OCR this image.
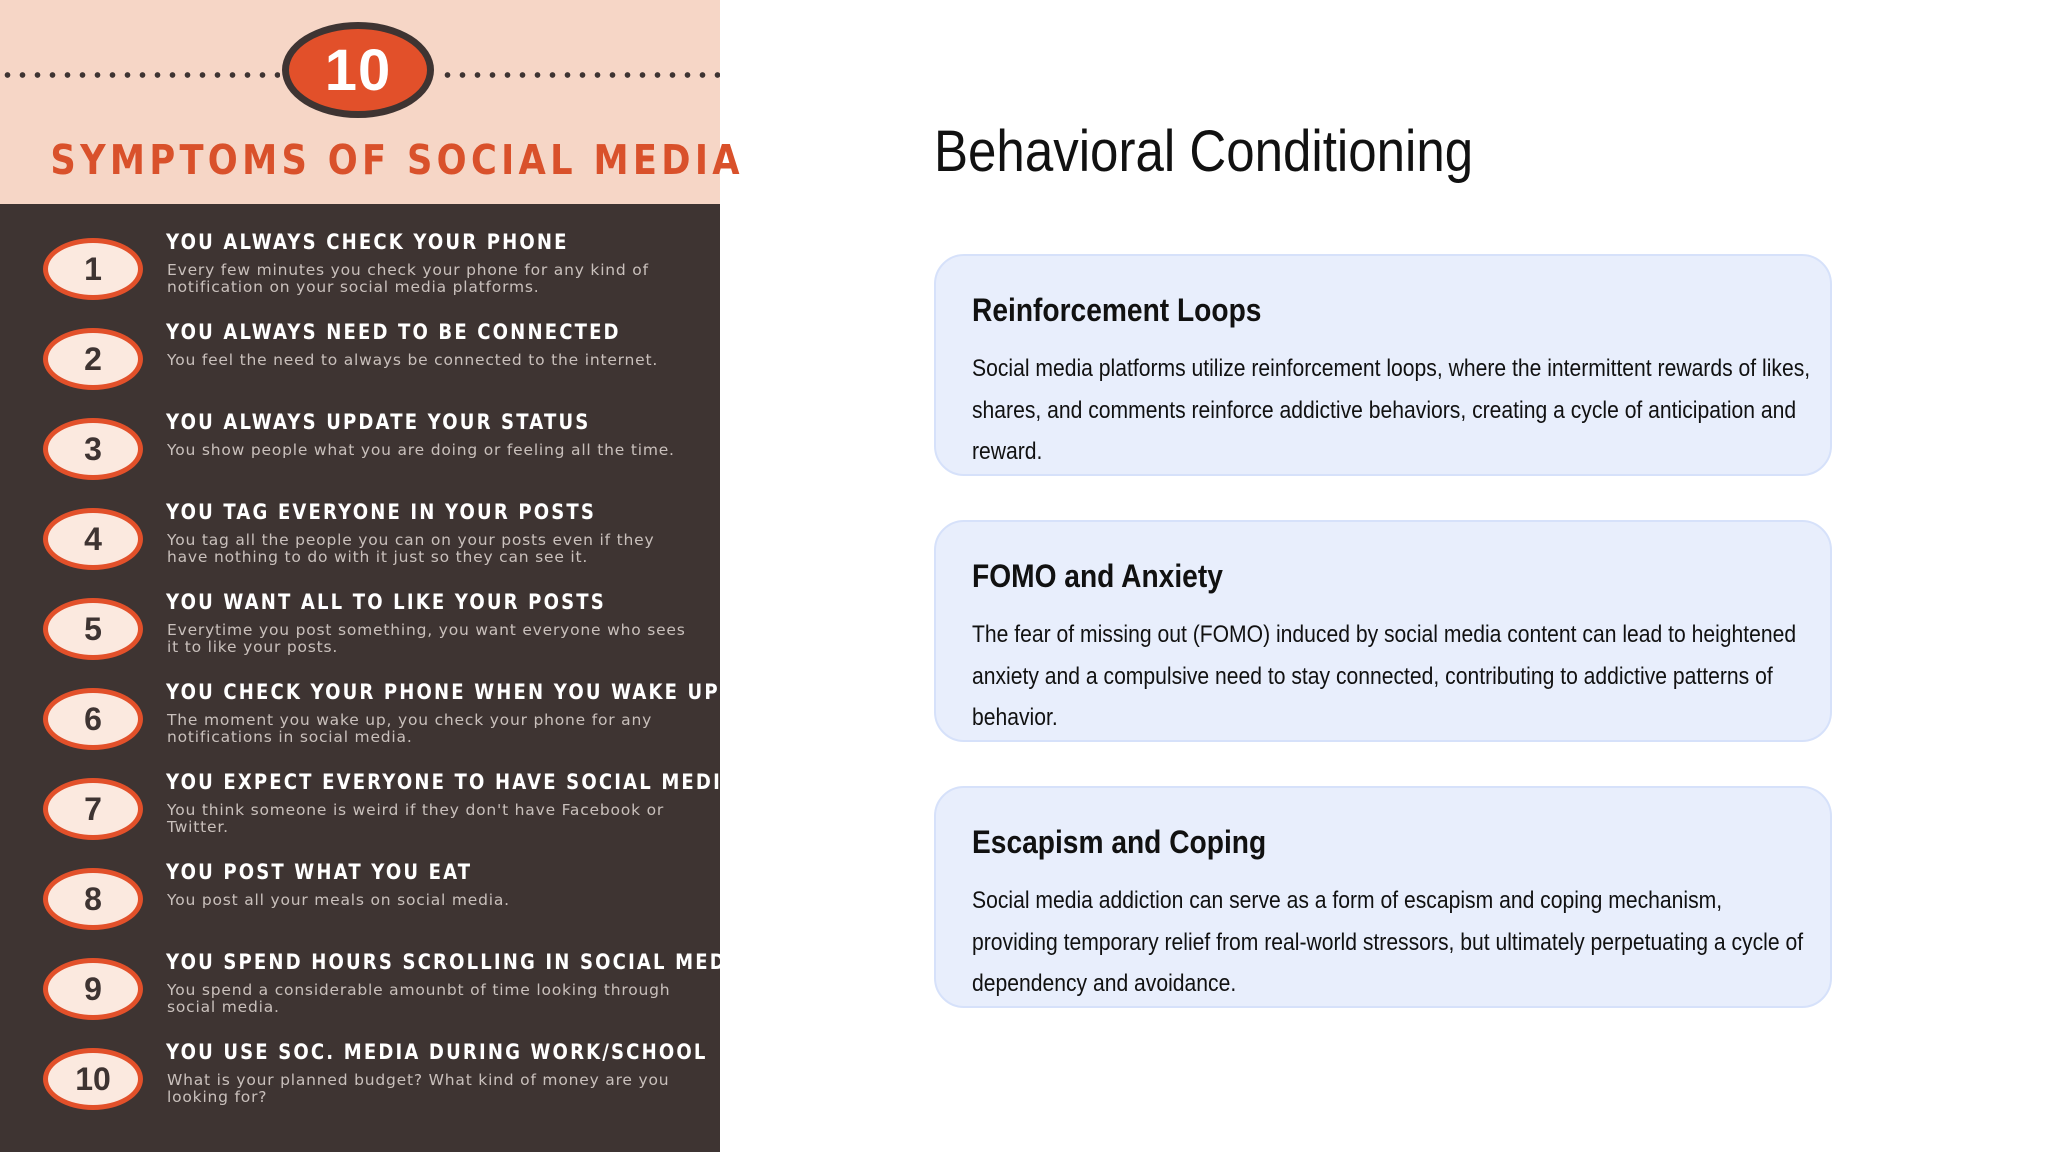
10
SYMPTOMS OF SOCIAL MEDIA
1
YOU ALWAYS CHECK YOUR PHONE
Every few minutes you check your phone for any kind of notification on your social media platforms.
2
YOU ALWAYS NEED TO BE CONNECTED
You feel the need to always be connected to the internet.
3
YOU ALWAYS UPDATE YOUR STATUS
You show people what you are doing or feeling all the time.
4
YOU TAG EVERYONE IN YOUR POSTS
You tag all the people you can on your posts even if they have nothing to do with it just so they can see it.
5
YOU WANT ALL TO LIKE YOUR POSTS
Everytime you post something, you want everyone who sees it to like your posts.
6
YOU CHECK YOUR PHONE WHEN YOU WAKE UP
The moment you wake up, you check your phone for any notifications in social media.
7
YOU EXPECT EVERYONE TO HAVE SOCIAL MEDIA
You think someone is weird if they don't have Facebook or Twitter.
8
YOU POST WHAT YOU EAT
You post all your meals on social media.
9
YOU SPEND HOURS SCROLLING IN SOCIAL MEDIA
You spend a considerable amounbt of time looking through social media.
10
YOU USE SOC. MEDIA DURING WORK/SCHOOL
What is your planned budget? What kind of money are you looking for?
Behavioral Conditioning
Reinforcement Loops
Social media platforms utilize reinforcement loops, where the intermittent rewards of likes, shares, and comments reinforce addictive behaviors, creating a cycle of anticipation and reward.
FOMO and Anxiety
The fear of missing out (FOMO) induced by social media content can lead to heightened anxiety and a compulsive need to stay connected, contributing to addictive patterns of behavior.
Escapism and Coping
Social media addiction can serve as a form of escapism and coping mechanism, providing temporary relief from real-world stressors, but ultimately perpetuating a cycle of dependency and avoidance.
